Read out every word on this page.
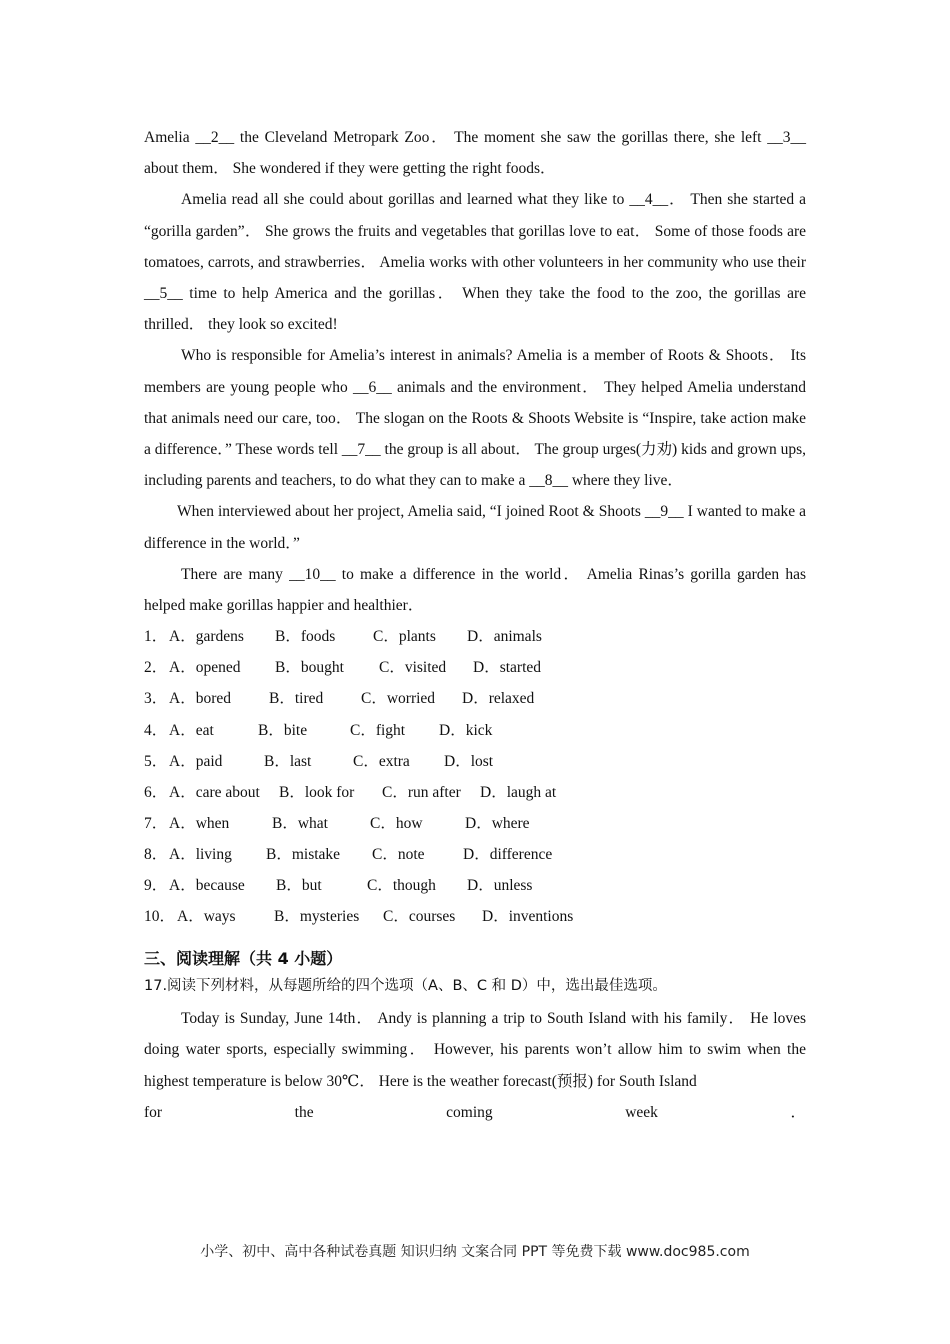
Amelia __2__ the Cleveland Metropark Zoo． The moment she saw the gorillas there, she left __3__ about them． She wondered if they were getting the right foods．

Amelia read all she could about gorillas and learned what they like to __4__． Then she started a “gorilla garden”． She grows the fruits and vegetables that gorillas love to eat． Some of those foods are tomatoes, carrots, and strawberries． Amelia works with other volunteers in her community who use their __5__ time to help America and the gorillas． When they take the food to the zoo, the gorillas are thrilled． they look so excited!

Who is responsible for Amelia’s interest in animals? Amelia is a member of Roots & Shoots． Its members are young people who __6__ animals and the environment． They helped Amelia understand that animals need our care, too． The slogan on the Roots & Shoots Website is “Inspire, take action make a difference．” These words tell __7__ the group is all about． The group urges(力劝) kids and grown ups, including parents and teachers, to do what they can to make a __8__ where they live．

When interviewed about her project, Amelia said, “I joined Root & Shoots __9__ I wanted to make a difference in the world．”

There are many __10__ to make a difference in the world． Amelia Rinas’s gorilla garden has helped make gorillas happier and healthier．

1． A．gardens B．foods C．plants D．animals
2． A．opened B．bought C．visited D．started
3． A．bored B．tired C．worried D．relaxed
4． A．eat	B．bite	C．fight D．kick
5． A．paid	B．last	C．extra D．lost
6． A．care about B．look for C．run after D．laugh at
7． A．when	B．what	C．how	D．where
8． A．living B．mistake C．note D．difference
9． A．because B．but	C．though D．unless
10． A．ways B．mysteries C．courses D．inventions
三、阅读理解（共 4 小题）
17.阅读下列材料，从每题所给的四个选项（A、B、C 和 D）中，选出最佳选项。

Today is Sunday, June 14th． Andy is planning a trip to South Island with his family． He loves doing water sports, especially swimming． However, his parents won’t allow him to swim when the highest temperature is below 30℃． Here is the weather forecast(预报) for South Island

for	the	coming	week	．
小学、初中、高中各种试卷真题 知识归纳 文案合同 PPT 等免费下载 www.doc985.com
